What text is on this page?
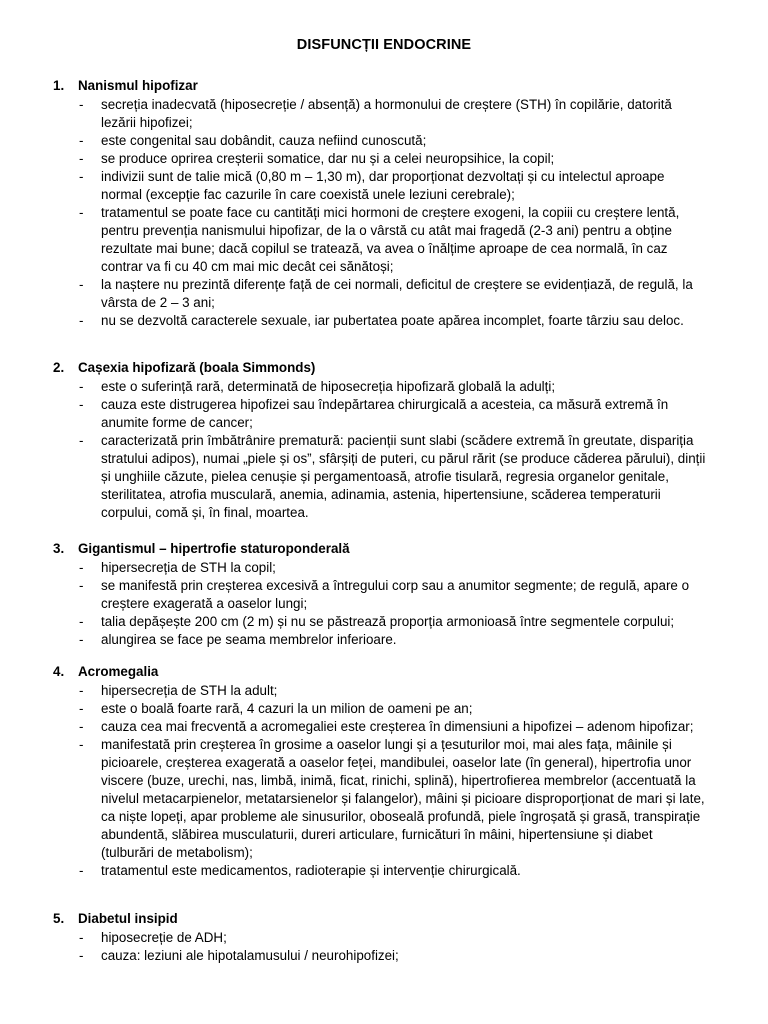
DISFUNCȚII ENDOCRINE
1. Nanismul hipofizar
- secreția inadecvată (hiposecreție / absență) a hormonului de creștere (STH) în copilărie, datorită lezării hipofizei;
- este congenital sau dobândit, cauza nefiind cunoscută;
- se produce oprirea creșterii somatice, dar nu și a celei neuropsihice, la copil;
- indivizii sunt de talie mică (0,80 m – 1,30 m), dar proporționat dezvoltați și cu intelectul aproape normal (excepție fac cazurile în care coexistă unele leziuni cerebrale);
- tratamentul se poate face cu cantități mici hormoni de creștere exogeni, la copiii cu creștere lentă, pentru prevenția nanismului hipofizar, de la o vârstă cu atât mai fragedă (2-3 ani) pentru a obține rezultate mai bune; dacă copilul se tratează, va avea o înălțime aproape de cea normală, în caz contrar va fi cu 40 cm mai mic decât cei sănătoși;
- la naștere nu prezintă diferențe față de cei normali, deficitul de creștere se evidențiază, de regulă, la vârsta de 2 – 3 ani;
- nu se dezvoltă caracterele sexuale, iar pubertatea poate apărea incomplet, foarte târziu sau deloc.
2. Cașexia hipofizară (boala Simmonds)
- este o suferință rară, determinată de hiposecreția hipofizară globală la adulți;
- cauza este distrugerea hipofizei sau îndepărtarea chirurgicală a acesteia, ca măsură extremă în anumite forme de cancer;
- caracterizată prin îmbătrânire prematură: pacienții sunt slabi (scădere extremă în greutate, dispariția stratului adipos), numai „piele și os”, sfârșiți de puteri, cu părul rărit (se produce căderea părului), dinții și unghiile căzute, pielea cenușie și pergamentoasă, atrofie tisulară, regresia organelor genitale, sterilitatea, atrofia musculară, anemia, adinamia, astenia, hipertensiune, scăderea temperaturii corpului, comă și, în final, moartea.
3. Gigantismul – hipertrofie staturoponderală
- hipersecreția de STH la copil;
- se manifestă prin creșterea excesivă a întregului corp sau a anumitor segmente; de regulă, apare o creștere exagerată a oaselor lungi;
- talia depășește 200 cm (2 m) și nu se păstrează proporția armonioasă între segmentele corpului;
- alungirea se face pe seama membrelor inferioare.
4. Acromegalia
- hipersecreția de STH la adult;
- este o boală foarte rară, 4 cazuri la un milion de oameni pe an;
- cauza cea mai frecventă a acromegaliei este creșterea în dimensiuni a hipofizei – adenom hipofizar;
- manifestată prin creșterea în grosime a oaselor lungi și a țesuturilor moi, mai ales fața, mâinile și picioarele, creșterea exagerată a oaselor feței, mandibulei, oaselor late (în general), hipertrofia unor viscere (buze, urechi, nas, limbă, inimă, ficat, rinichi, splină), hipertrofierea membrelor (accentuată la nivelul metacarpienelor, metatarsienelor și falangelor), mâini și picioare disproporționat de mari și late, ca niște lopeți, apar probleme ale sinusurilor, oboseală profundă, piele îngroșată și grasă, transpirație abundentă, slăbirea musculaturii, dureri articulare, furnicături în mâini, hipertensiune și diabet (tulburări de metabolism);
- tratamentul este medicamentos, radioterapie și intervenție chirurgicală.
5. Diabetul insipid
- hiposecreție de ADH;
- cauza: leziuni ale hipotalamusului / neurohipofizei;
